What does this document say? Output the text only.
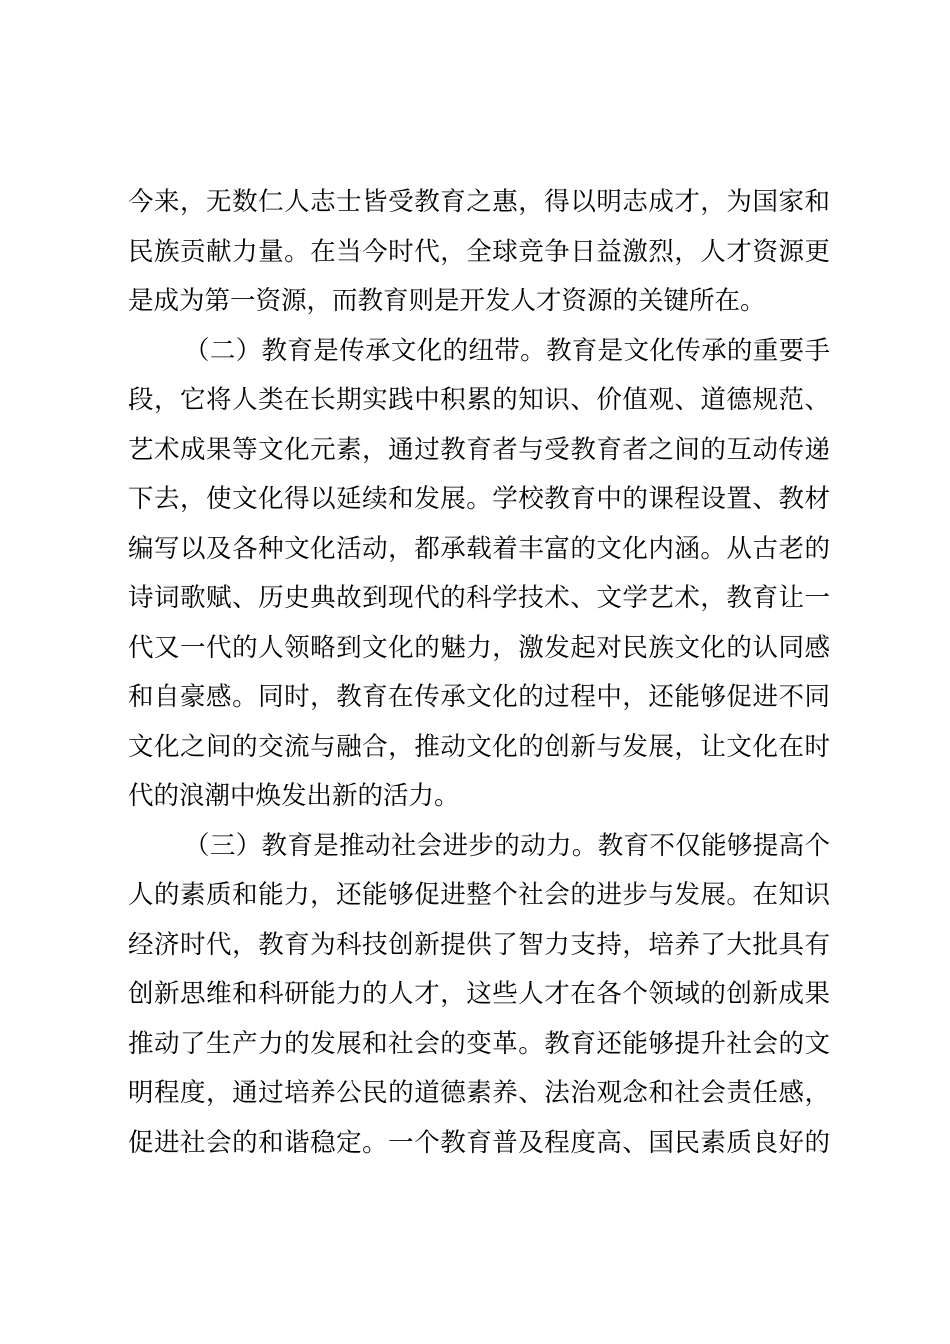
今来，无数仁人志士皆受教育之惠，得以明志成才，为国家和
民族贡献力量。在当今时代，全球竞争日益激烈，人才资源更
是成为第一资源，而教育则是开发人才资源的关键所在。
（二）教育是传承文化的纽带。教育是文化传承的重要手
段，它将人类在长期实践中积累的知识、价值观、道德规范、
艺术成果等文化元素，通过教育者与受教育者之间的互动传递
下去，使文化得以延续和发展。学校教育中的课程设置、教材
编写以及各种文化活动，都承载着丰富的文化内涵。从古老的
诗词歌赋、历史典故到现代的科学技术、文学艺术，教育让一
代又一代的人领略到文化的魅力，激发起对民族文化的认同感
和自豪感。同时，教育在传承文化的过程中，还能够促进不同
文化之间的交流与融合，推动文化的创新与发展，让文化在时
代的浪潮中焕发出新的活力。
（三）教育是推动社会进步的动力。教育不仅能够提高个
人的素质和能力，还能够促进整个社会的进步与发展。在知识
经济时代，教育为科技创新提供了智力支持，培养了大批具有
创新思维和科研能力的人才，这些人才在各个领域的创新成果
推动了生产力的发展和社会的变革。教育还能够提升社会的文
明程度，通过培养公民的道德素养、法治观念和社会责任感，
促进社会的和谐稳定。一个教育普及程度高、国民素质良好的
